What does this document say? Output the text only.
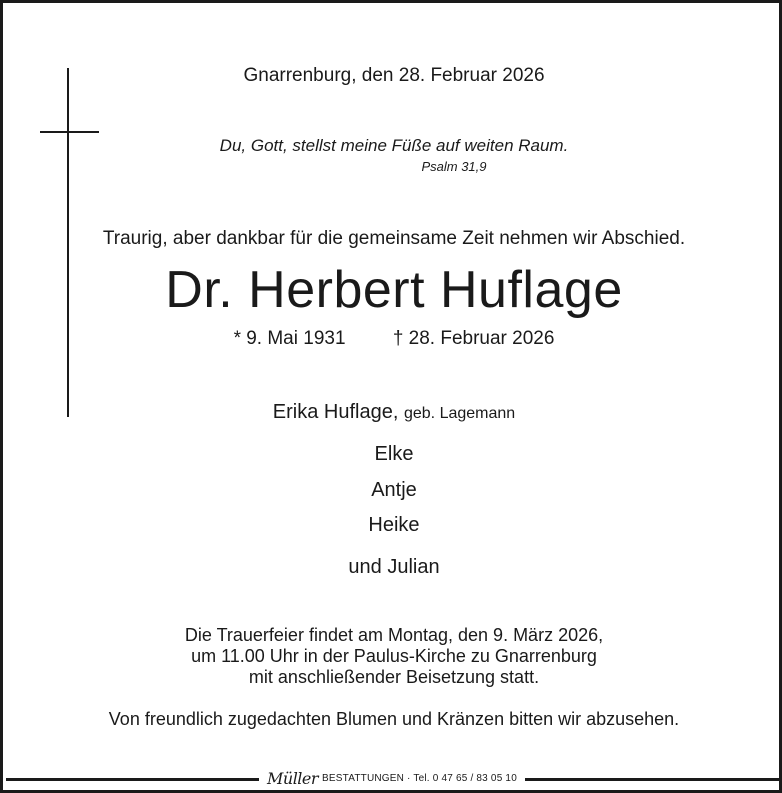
Gnarrenburg, den 28. Februar 2026
Du, Gott, stellst meine Füße auf weiten Raum.
Psalm 31,9
Traurig, aber dankbar für die gemeinsame Zeit nehmen wir Abschied.
Dr. Herbert Huflage
* 9. Mai 1931 † 28. Februar 2026
Erika Huflage, geb. Lagemann
Elke
Antje
Heike
und Julian
Die Trauerfeier findet am Montag, den 9. März 2026,
um 11.00 Uhr in der Paulus-Kirche zu Gnarrenburg
mit anschließender Beisetzung statt.
Von freundlich zugedachten Blumen und Kränzen bitten wir abzusehen.
Müller BESTATTUNGEN · Tel. 0 47 65 / 83 05 10
